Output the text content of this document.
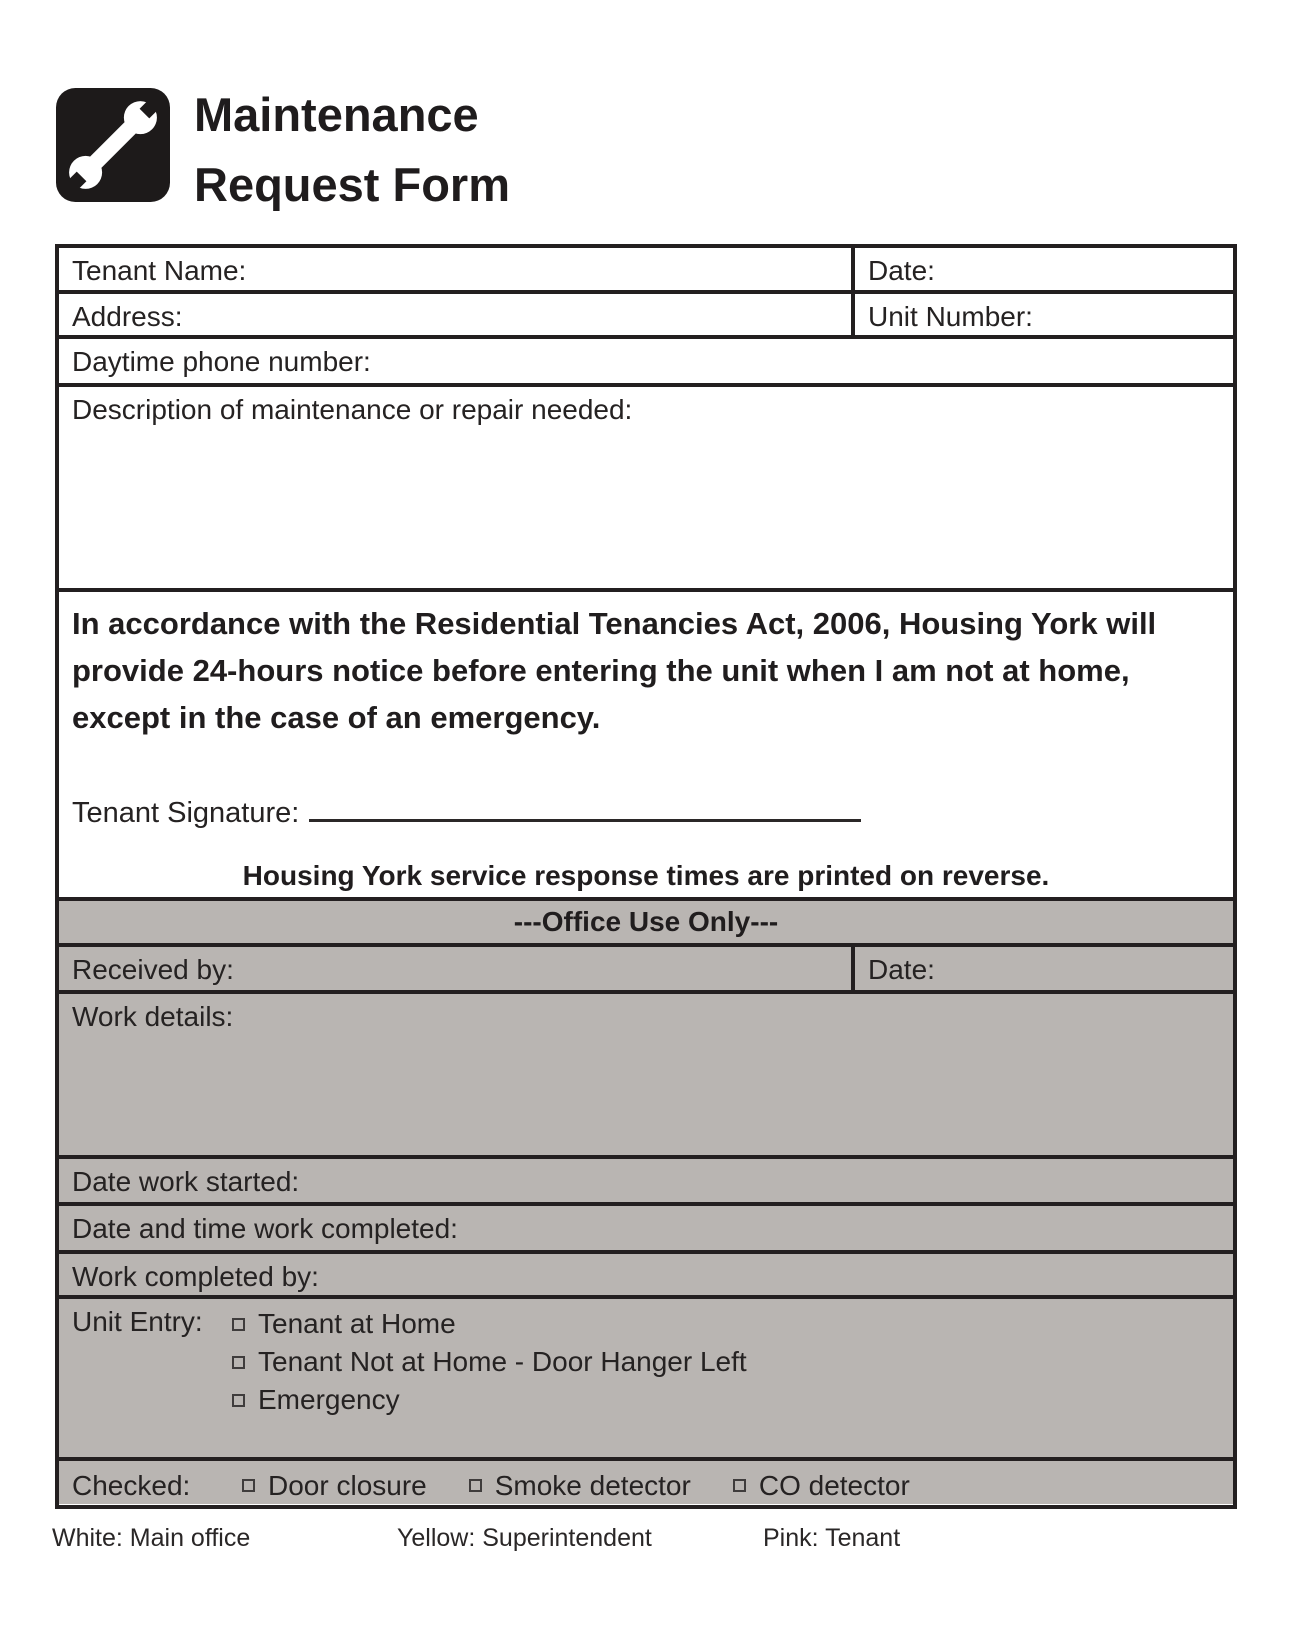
Maintenance
Request Form
Tenant Name:	Date:
Address:	Unit Number:
Daytime phone number:
Description of maintenance or repair needed:

In accordance with the Residential Tenancies Act, 2006, Housing York will provide 24-hours notice before entering the unit when I am not at home, except in the case of an emergency.

Tenant Signature:
Housing York service response times are printed on reverse.
---Office Use Only---
Received by:	Date:
Work details:
Date work started:
Date and time work completed:
Work completed by:
Unit Entry:	Tenant at Home
Tenant Not at Home - Door Hanger Left
Emergency
Checked:	Door closure Smoke detector CO detector
White: Main office	Yellow: Superintendent	Pink: Tenant
